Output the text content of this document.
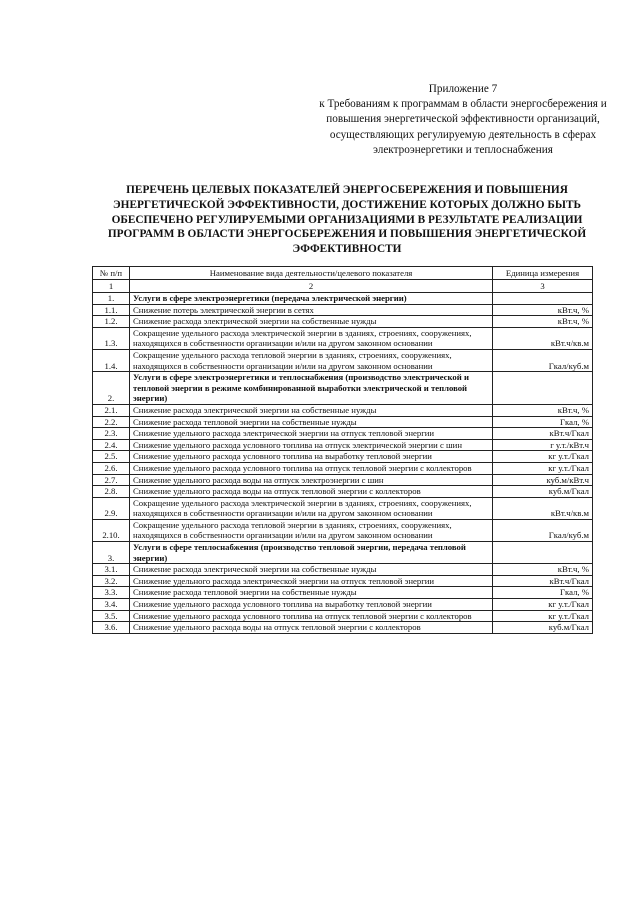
Приложение 7
к Требованиям к программам в области энергосбережения и повышения энергетической эффективности организаций, осуществляющих регулируемую деятельность в сферах электроэнергетики и теплоснабжения
ПЕРЕЧЕНЬ ЦЕЛЕВЫХ ПОКАЗАТЕЛЕЙ ЭНЕРГОСБЕРЕЖЕНИЯ И ПОВЫШЕНИЯ ЭНЕРГЕТИЧЕСКОЙ ЭФФЕКТИВНОСТИ, ДОСТИЖЕНИЕ КОТОРЫХ ДОЛЖНО БЫТЬ ОБЕСПЕЧЕНО РЕГУЛИРУЕМЫМИ ОРГАНИЗАЦИЯМИ В РЕЗУЛЬТАТЕ РЕАЛИЗАЦИИ ПРОГРАММ В ОБЛАСТИ ЭНЕРГОСБЕРЕЖЕНИЯ И ПОВЫШЕНИЯ ЭНЕРГЕТИЧЕСКОЙ ЭФФЕКТИВНОСТИ
№ п/п	Наименование вида деятельности/целевого показателя	Единица измерения
1	2	3
1.	Услуги в сфере электроэнергетики (передача электрической энергии)	
1.1.	Снижение потерь электрической энергии в сетях	кВт.ч, %
1.2.	Снижение расхода электрической энергии на собственные нужды	кВт.ч, %
1.3.	Сокращение удельного расхода электрической энергии в зданиях, строениях, сооружениях, находящихся в собственности организации и/или на другом законном основании	кВт.ч/кв.м
1.4.	Сокращение удельного расхода тепловой энергии в зданиях, строениях, сооружениях, находящихся в собственности организации и/или на другом законном основании	Гкал/куб.м
2.	Услуги в сфере электроэнергетики и теплоснабжения (производство электрической и тепловой энергии в режиме комбинированной выработки электрической и тепловой энергии)	
2.1.	Снижение расхода электрической энергии на собственные нужды	кВт.ч, %
2.2.	Снижение расхода тепловой энергии на собственные нужды	Гкал, %
2.3.	Снижение удельного расхода электрической энергии на отпуск тепловой энергии	кВт.ч/Гкал
2.4.	Снижение удельного расхода условного топлива на отпуск электрической энергии с шин	г у.т./кВт.ч
2.5.	Снижение удельного расхода условного топлива на выработку тепловой энергии	кг у.т./Гкал
2.6.	Снижение удельного расхода условного топлива на отпуск тепловой энергии с коллекторов	кг у.т./Гкал
2.7.	Снижение удельного расхода воды на отпуск электроэнергии с шин	куб.м/кВт.ч
2.8.	Снижение удельного расхода воды на отпуск тепловой энергии с коллекторов	куб.м/Гкал
2.9.	Сокращение удельного расхода электрической энергии в зданиях, строениях, сооружениях, находящихся в собственности организации и/или на другом законном основании	кВт.ч/кв.м
2.10.	Сокращение удельного расхода тепловой энергии в зданиях, строениях, сооружениях, находящихся в собственности организации и/или на другом законном основании	Гкал/куб.м
3.	Услуги в сфере теплоснабжения (производство тепловой энергии, передача тепловой энергии)	
3.1.	Снижение расхода электрической энергии на собственные нужды	кВт.ч, %
3.2.	Снижение удельного расхода электрической энергии на отпуск тепловой энергии	кВт.ч/Гкал
3.3.	Снижение расхода тепловой энергии на собственные нужды	Гкал, %
3.4.	Снижение удельного расхода условного топлива на выработку тепловой энергии	кг у.т./Гкал
3.5.	Снижение удельного расхода условного топлива на отпуск тепловой энергии с коллекторов	кг у.т./Гкал
3.6.	Снижение удельного расхода воды на отпуск тепловой энергии с коллекторов	куб.м/Гкал
